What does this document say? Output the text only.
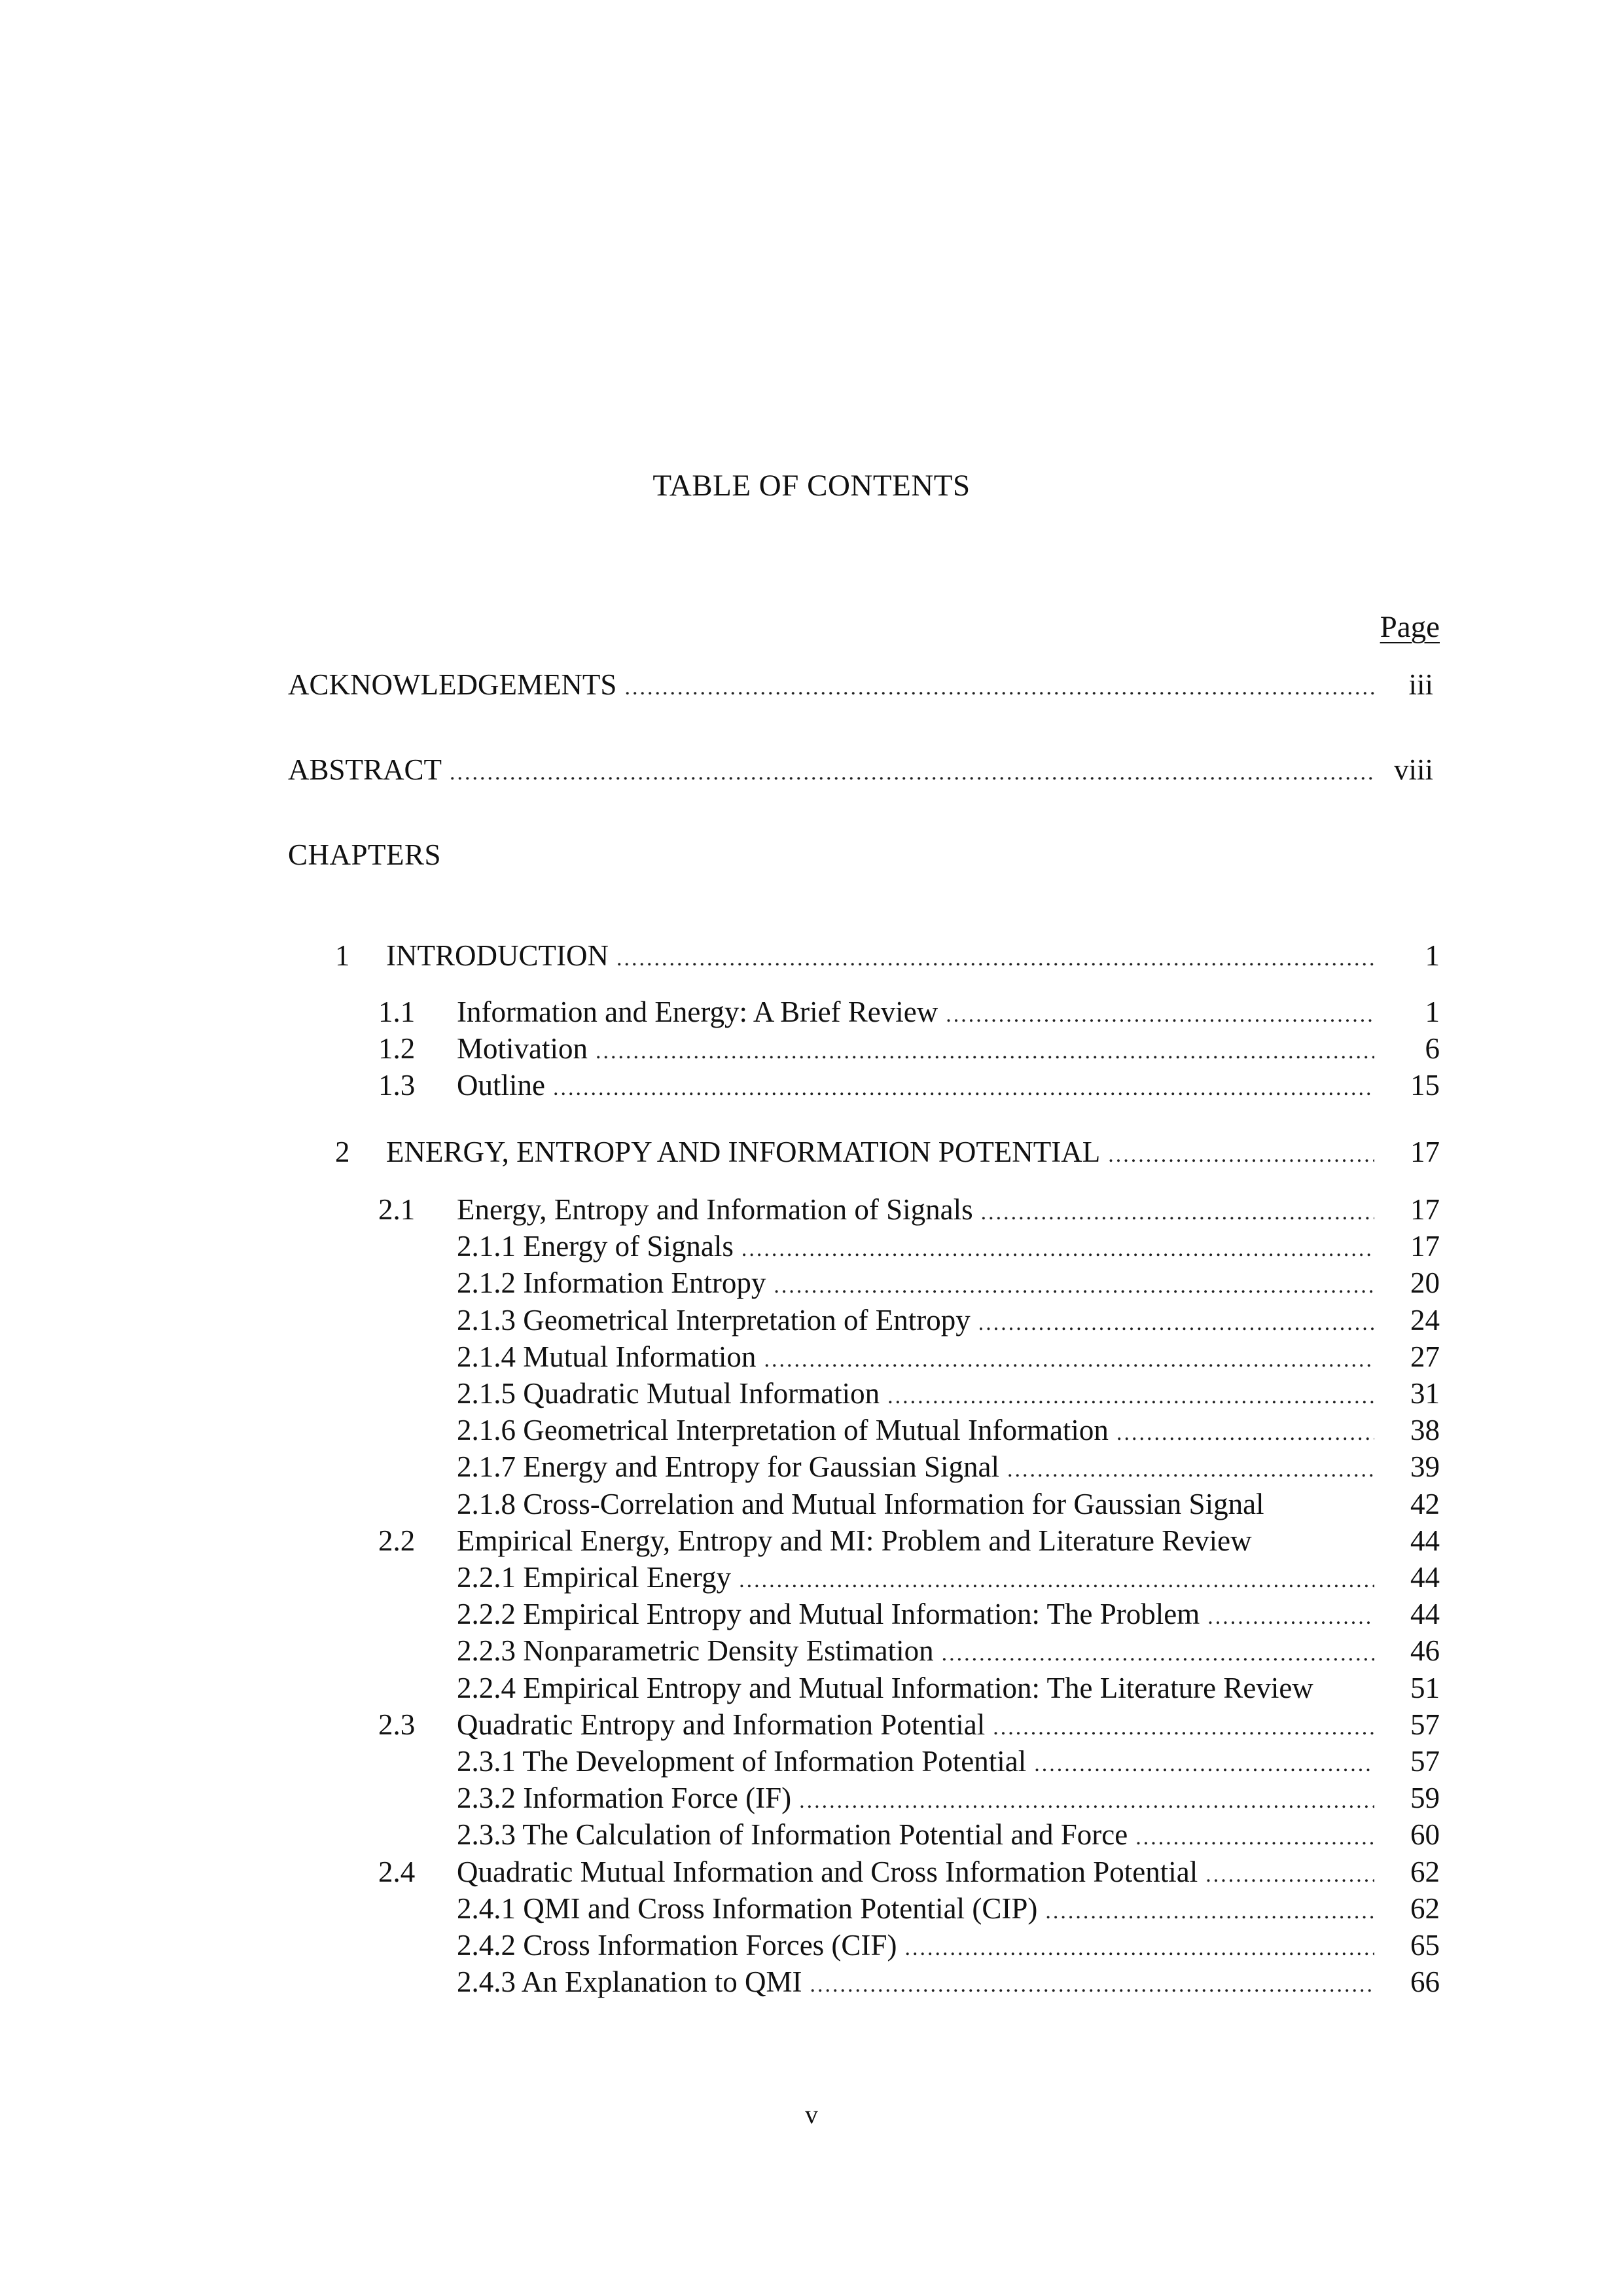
TABLE OF CONTENTS
Page
ACKNOWLEDGEMENTS .....	iii
ABSTRACT .....	viii
CHAPTERS
1 INTRODUCTION .....	1
1.1 Information and Energy: A Brief Review .....	1
1.2 Motivation .....	6
1.3 Outline .....	15
2 ENERGY, ENTROPY AND INFORMATION POTENTIAL .....	17
2.1 Energy, Entropy and Information of Signals .....	17
2.1.1 Energy of Signals .....	17
2.1.2 Information Entropy .....	20
2.1.3 Geometrical Interpretation of Entropy .....	24
2.1.4 Mutual Information .....	27
2.1.5 Quadratic Mutual Information .....	31
2.1.6 Geometrical Interpretation of Mutual Information .....	38
2.1.7 Energy and Entropy for Gaussian Signal .....	39
2.1.8 Cross-Correlation and Mutual Information for Gaussian Signal	42
2.2 Empirical Energy, Entropy and MI: Problem and Literature Review	44
2.2.1 Empirical Energy .....	44
2.2.2 Empirical Entropy and Mutual Information: The Problem .....	44
2.2.3 Nonparametric Density Estimation .....	46
2.2.4 Empirical Entropy and Mutual Information: The Literature Review	51
2.3 Quadratic Entropy and Information Potential .....	57
2.3.1 The Development of Information Potential .....	57
2.3.2 Information Force (IF) .....	59
2.3.3 The Calculation of Information Potential and Force .....	60
2.4 Quadratic Mutual Information and Cross Information Potential .....	62
2.4.1 QMI and Cross Information Potential (CIP) .....	62
2.4.2 Cross Information Forces (CIF) .....	65
2.4.3 An Explanation to QMI .....	66
v
